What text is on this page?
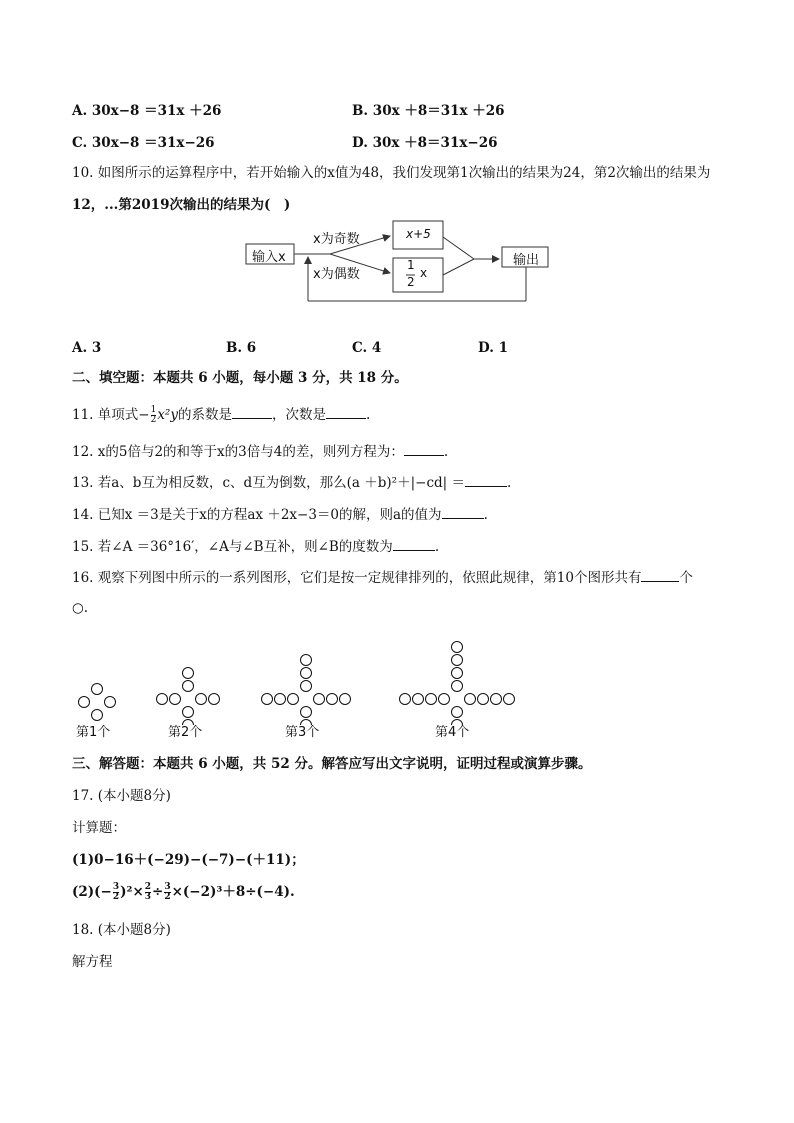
A. 30x−8 ＝31x ＋26	B. 30x ＋8＝31x ＋26
C. 30x−8 ＝31x−26	D. 30x ＋8＝31x−26
10. 如图所示的运算程序中，若开始输入的x值为48，我们发现第1次输出的结果为24，第2次输出的结果为
12，...第2019次输出的结果为(　)
输入x
x为奇数
x为偶数
x+5
1
2
x
输出
A. 3	B. 6	C. 4	D. 1
二、填空题：本题共 6 小题，每小题 3 分，共 18 分。
11. 单项式− $\frac{1}{2} x^2y$的系数是	，次数是	.
12. x的5倍与2的和等于x的3倍与4的差，则列方程为：	.
13. 若a、b互为相反数，c、d互为倒数，那么(a ＋b)²＋|−cd| ＝	.
14. 已知x ＝3是关于x的方程ax ＋2x−3＝0的解，则a的值为	.
15. 若∠A ＝36°16′，∠A与∠B互补，则∠B的度数为	.
16. 观察下列图中所示的一系列图形，它们是按一定规律排列的，依照此规律，第10个图形共有	个
○.
第1个	第2个	第3个	第4个
三、解答题：本题共 6 小题，共 52 分。解答应写出文字说明，证明过程或演算步骤。
17. (本小题8分)
计算题：
(1)0−16＋(−29)−(−7)−(＋11)；
$(2)(- \frac{3}{2} )^2\times \frac{2}{3} \div \frac{3}{2} \times(-2)^3+8\div(-4)$.
18. (本小题8分)
解方程
